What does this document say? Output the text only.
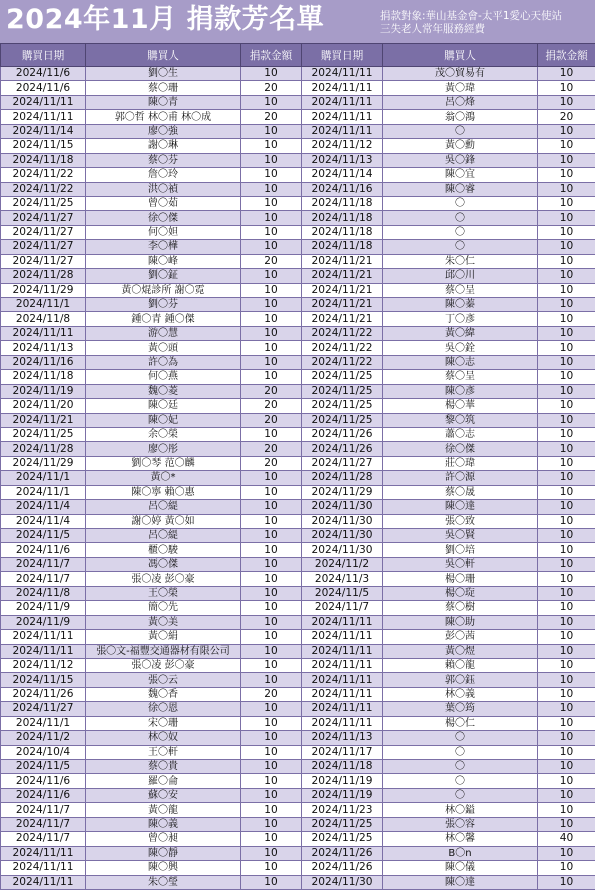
2024年11月 捐款芳名單	捐款對象:華山基金會-太平1愛心天使站
三失老人常年服務經費
購買日期	購買人	捐款金額	購買日期	購買人	捐款金額
2024/11/6	劉〇生	10	2024/11/11	茂〇貿易有	10
2024/11/6	蔡〇珊	20	2024/11/11	黃〇瑋	10
2024/11/11	陳〇青	10	2024/11/11	呂〇烽	10
2024/11/11	郭〇哲 林〇甫 林〇成	20	2024/11/11	翁〇鴻	20
2024/11/14	廖〇強	10	2024/11/11	〇	10
2024/11/15	謝〇琳	10	2024/11/12	黃〇勳	10
2024/11/18	蔡〇芬	10	2024/11/13	吳〇鋒	10
2024/11/22	詹〇玲	10	2024/11/14	陳〇宜	10
2024/11/22	洪〇禎	10	2024/11/16	陳〇睿	10
2024/11/25	曾〇茹	10	2024/11/18	〇	10
2024/11/27	徐〇傑	10	2024/11/18	〇	10
2024/11/27	何〇妲	10	2024/11/18	〇	10
2024/11/27	李〇樺	10	2024/11/18	〇	10
2024/11/27	陳〇峰	20	2024/11/21	朱〇仁	10
2024/11/28	劉〇鉦	10	2024/11/21	邱〇川	10
2024/11/29	黃〇焜診所 謝〇霓	10	2024/11/21	蔡〇呈	10
2024/11/1	劉〇芬	10	2024/11/21	陳〇蓁	10
2024/11/8	鍾〇青 鍾〇傑	10	2024/11/21	丁〇彥	10
2024/11/11	游〇慧	10	2024/11/22	黃〇緯	10
2024/11/13	黃〇頭	10	2024/11/22	吳〇銓	10
2024/11/16	許〇為	10	2024/11/22	陳〇志	10
2024/11/18	何〇燕	10	2024/11/25	蔡〇呈	10
2024/11/19	魏〇菱	20	2024/11/25	陳〇彥	10
2024/11/20	陳〇廷	20	2024/11/25	楊〇華	10
2024/11/21	陳〇妃	20	2024/11/25	黎〇筑	10
2024/11/25	余〇榮	10	2024/11/26	蕭〇志	10
2024/11/28	廖〇彤	20	2024/11/26	徐〇傑	10
2024/11/29	劉〇琴 范〇麟	20	2024/11/27	莊〇瑋	10
2024/11/1	黃〇*	10	2024/11/28	許〇源	10
2024/11/1	陳〇寧 賴〇惠	10	2024/11/29	蔡〇晟	10
2024/11/4	呂〇緹	10	2024/11/30	陳〇達	10
2024/11/4	謝〇婷 黃〇如	10	2024/11/30	張〇致	10
2024/11/5	呂〇緹	10	2024/11/30	吳〇賢	10
2024/11/6	櫃〇駿	10	2024/11/30	劉〇培	10
2024/11/7	馮〇傑	10	2024/11/2	吳〇軒	10
2024/11/7	張〇凌 彭〇豪	10	2024/11/3	楊〇珊	10
2024/11/8	王〇榮	10	2024/11/5	楊〇琁	10
2024/11/9	簡〇先	10	2024/11/7	蔡〇樹	10
2024/11/9	黃〇美	10	2024/11/11	陳〇助	10
2024/11/11	黃〇絹	10	2024/11/11	彭〇茜	10
2024/11/11	張〇文-福豐交通器材有限公司	10	2024/11/11	黃〇煜	10
2024/11/12	張〇凌 彭〇豪	10	2024/11/11	賴〇龍	10
2024/11/15	張〇云	10	2024/11/11	郭〇鈺	10
2024/11/26	魏〇香	20	2024/11/11	林〇義	10
2024/11/27	徐〇恩	10	2024/11/11	葉〇筠	10
2024/11/1	宋〇珊	10	2024/11/11	楊〇仁	10
2024/11/2	林〇奴	10	2024/11/13	〇	10
2024/10/4	王〇軒	10	2024/11/17	〇	10
2024/11/5	蔡〇貴	10	2024/11/18	〇	10
2024/11/6	羅〇侖	10	2024/11/19	〇	10
2024/11/6	蘇〇安	10	2024/11/19	〇	10
2024/11/7	黃〇龍	10	2024/11/23	林〇鎰	10
2024/11/7	陳〇義	10	2024/11/25	張〇容	10
2024/11/7	曾〇昶	10	2024/11/25	林〇馨	40
2024/11/11	陳〇靜	10	2024/11/26	B〇n	10
2024/11/11	陳〇興	10	2024/11/26	陳〇儀	10
2024/11/11	朱〇瑩	10	2024/11/30	陳〇達	10
